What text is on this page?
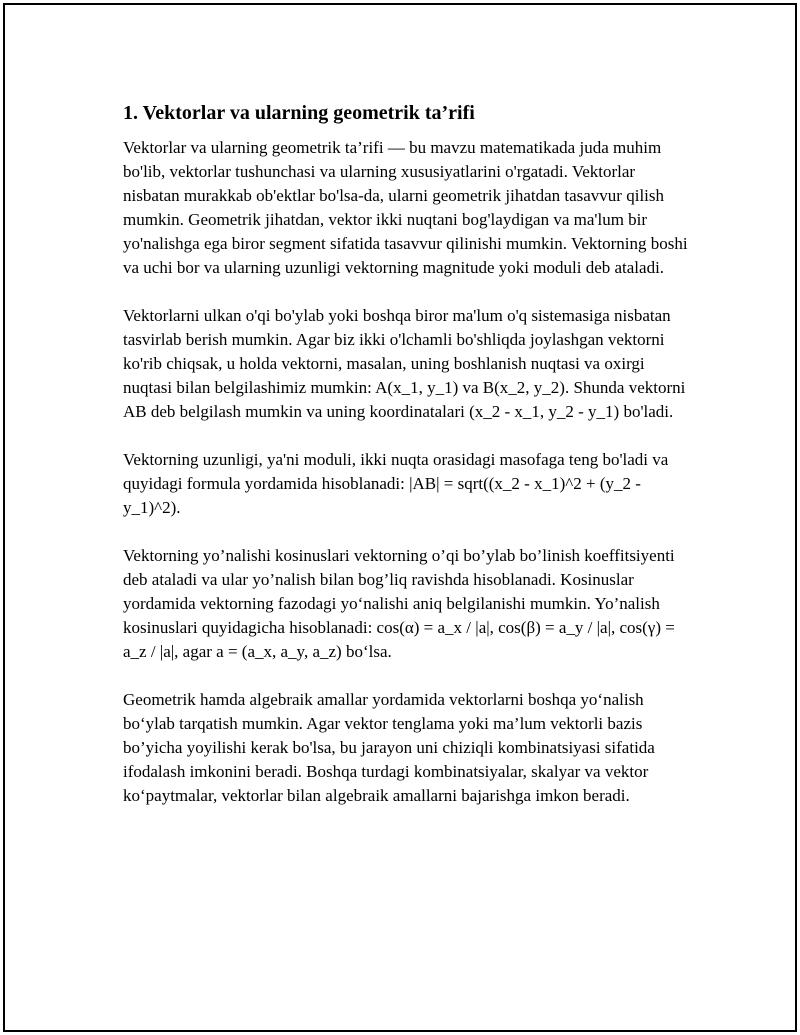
1. Vektorlar va ularning geometrik ta’rifi

Vektorlar va ularning geometrik ta’rifi — bu mavzu matematikada juda muhim bo'lib, vektorlar tushunchasi va ularning xususiyatlarini o'rgatadi. Vektorlar nisbatan murakkab ob'ektlar bo'lsa-da, ularni geometrik jihatdan tasavvur qilish mumkin. Geometrik jihatdan, vektor ikki nuqtani bog'laydigan va ma'lum bir yo'nalishga ega biror segment sifatida tasavvur qilinishi mumkin. Vektorning boshi va uchi bor va ularning uzunligi vektorning magnitude yoki moduli deb ataladi.

Vektorlarni ulkan o'qi bo'ylab yoki boshqa biror ma'lum o'q sistemasiga nisbatan tasvirlab berish mumkin. Agar biz ikki o'lchamli bo'shliqda joylashgan vektorni ko'rib chiqsak, u holda vektorni, masalan, uning boshlanish nuqtasi va oxirgi nuqtasi bilan belgilashimiz mumkin: A(x_1, y_1) va B(x_2, y_2). Shunda vektorni AB deb belgilash mumkin va uning koordinatalari (x_2 - x_1, y_2 - y_1) bo'ladi.

Vektorning uzunligi, ya'ni moduli, ikki nuqta orasidagi masofaga teng bo'ladi va quyidagi formula yordamida hisoblanadi: |AB| = sqrt((x_2 - x_1)^2 + (y_2 - y_1)^2).

Vektorning yo’nalishi kosinuslari vektorning o’qi bo’ylab bo’linish koeffitsiyenti deb ataladi va ular yo’nalish bilan bog’liq ravishda hisoblanadi. Kosinuslar yordamida vektorning fazodagi yo‘nalishi aniq belgilanishi mumkin. Yo’nalish kosinuslari quyidagicha hisoblanadi: cos(α) = a_x / |a|, cos(β) = a_y / |a|, cos(γ) = a_z / |a|, agar a = (a_x, a_y, a_z) bo‘lsa.

Geometrik hamda algebraik amallar yordamida vektorlarni boshqa yo‘nalish bo‘ylab tarqatish mumkin. Agar vektor tenglama yoki ma’lum vektorli bazis bo’yicha yoyilishi kerak bo'lsa, bu jarayon uni chiziqli kombinatsiyasi sifatida ifodalash imkonini beradi. Boshqa turdagi kombinatsiyalar, skalyar va vektor ko‘paytmalar, vektorlar bilan algebraik amallarni bajarishga imkon beradi.
